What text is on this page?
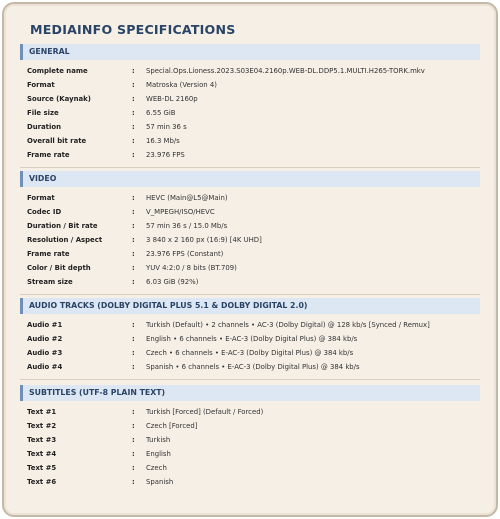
MEDIAINFO SPECIFICATIONS
GENERAL
Complete name	: Special.Ops.Lioness.2023.S03E04.2160p.WEB-DL.DDP5.1.MULTI.H265-TORK.mkv
Format	: Matroska (Version 4)
Source (Kaynak)	: WEB-DL 2160p
File size	: 6.55 GiB
Duration	: 57 min 36 s
Overall bit rate	: 16.3 Mb/s
Frame rate	: 23.976 FPS
VIDEO
Format	: HEVC (Main@L5@Main)
Codec ID	: V_MPEGH/ISO/HEVC
Duration / Bit rate	: 57 min 36 s / 15.0 Mb/s
Resolution / Aspect	: 3 840 x 2 160 px (16:9) [4K UHD]
Frame rate	: 23.976 FPS (Constant)
Color / Bit depth	: YUV 4:2:0 / 8 bits (BT.709)
Stream size	: 6.03 GiB (92%)
AUDIO TRACKS (DOLBY DIGITAL PLUS 5.1 & DOLBY DIGITAL 2.0)
Audio #1	: Turkish (Default) • 2 channels • AC-3 (Dolby Digital) @ 128 kb/s [Synced / Remux]
Audio #2	: English • 6 channels • E-AC-3 (Dolby Digital Plus) @ 384 kb/s
Audio #3	: Czech • 6 channels • E-AC-3 (Dolby Digital Plus) @ 384 kb/s
Audio #4	: Spanish • 6 channels • E-AC-3 (Dolby Digital Plus) @ 384 kb/s
SUBTITLES (UTF-8 PLAIN TEXT)
Text #1	: Turkish [Forced] (Default / Forced)
Text #2	: Czech [Forced]
Text #3	: Turkish
Text #4	: English
Text #5	: Czech
Text #6	: Spanish
